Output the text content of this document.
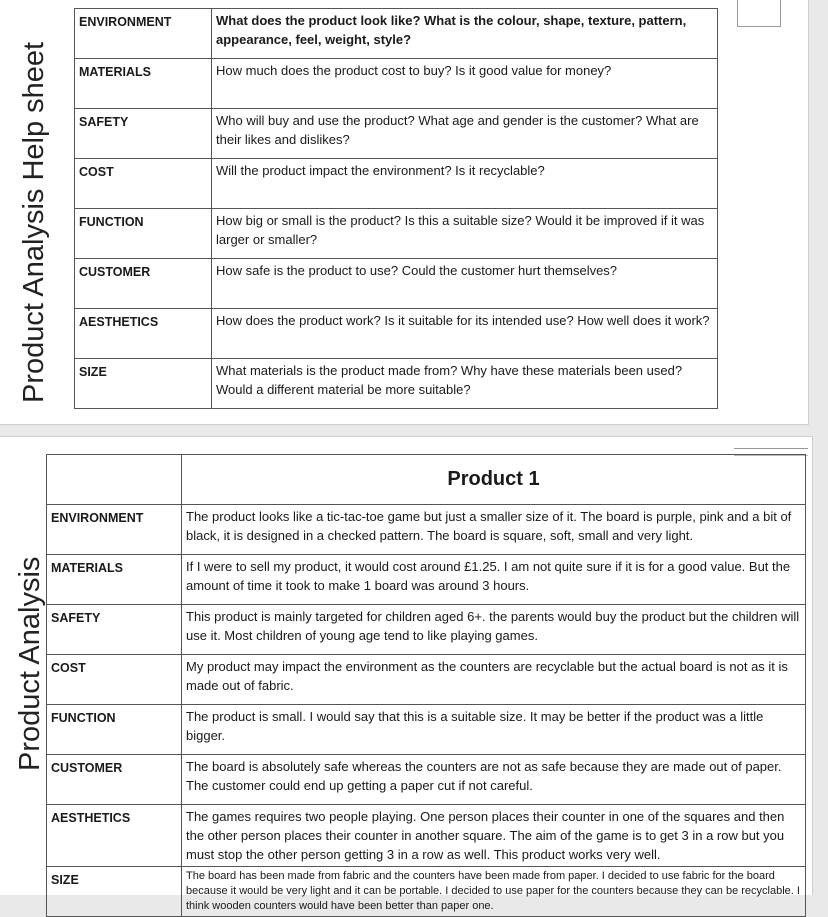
Product Analysis Help sheet
ENVIRONMENT	What does the product look like? What is the colour, shape, texture, pattern, appearance, feel, weight, style?
MATERIALS	How much does the product cost to buy? Is it good value for money?
SAFETY	Who will buy and use the product? What age and gender is the customer? What are their likes and dislikes?
COST	Will the product impact the environment? Is it recyclable?
FUNCTION	How big or small is the product? Is this a suitable size? Would it be improved if it was larger or smaller?
CUSTOMER	How safe is the product to use? Could the customer hurt themselves?
AESTHETICS	How does the product work? Is it suitable for its intended use? How well does it work?
SIZE	What materials is the product made from? Why have these materials been used? Would a different material be more suitable?
Product Analysis
	Product 1
ENVIRONMENT	The product looks like a tic-tac-toe game but just a smaller size of it. The board is purple, pink and a bit of black, it is designed in a checked pattern. The board is square, soft, small and very light.
MATERIALS	If I were to sell my product, it would cost around £1.25. I am not quite sure if it is for a good value. But the amount of time it took to make 1 board was around 3 hours.
SAFETY	This product is mainly targeted for children aged 6+. the parents would buy the product but the children will use it. Most children of young age tend to like playing games.
COST	My product may impact the environment as the counters are recyclable but the actual board is not as it is made out of fabric.
FUNCTION	The product is small. I would say that this is a suitable size. It may be better if the product was a little bigger.
CUSTOMER	The board is absolutely safe whereas the counters are not as safe because they are made out of paper. The customer could end up getting a paper cut if not careful.
AESTHETICS	The games requires two people playing. One person places their counter in one of the squares and then the other person places their counter in another square. The aim of the game is to get 3 in a row but you must stop the other person getting 3 in a row as well. This product works very well.
SIZE	The board has been made from fabric and the counters have been made from paper. I decided to use fabric for the board because it would be very light and it can be portable. I decided to use paper for the counters because they can be recyclable. I think wooden counters would have been better than paper one.
